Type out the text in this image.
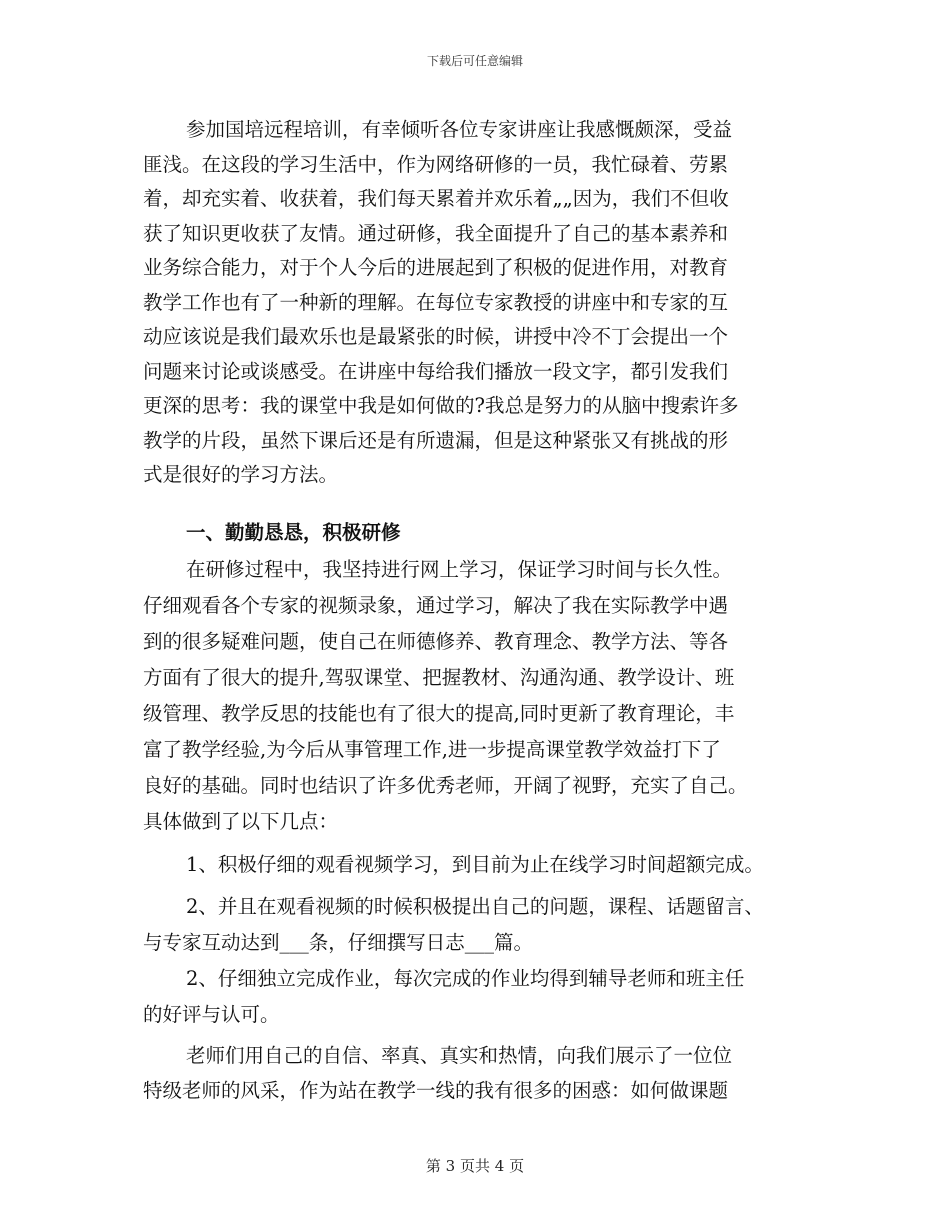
下载后可任意编辑
参加国培远程培训，有幸倾听各位专家讲座让我感慨颇深，受益
匪浅。在这段的学习生活中，作为网络研修的一员，我忙碌着、劳累
着，却充实着、收获着，我们每天累着并欢乐着„„因为，我们不但收
获了知识更收获了友情。通过研修，我全面提升了自己的基本素养和
业务综合能力，对于个人今后的进展起到了积极的促进作用，对教育
教学工作也有了一种新的理解。在每位专家教授的讲座中和专家的互
动应该说是我们最欢乐也是最紧张的时候，讲授中冷不丁会提出一个
问题来讨论或谈感受。在讲座中每给我们播放一段文字，都引发我们
更深的思考：我的课堂中我是如何做的?我总是努力的从脑中搜索许多
教学的片段，虽然下课后还是有所遗漏，但是这种紧张又有挑战的形
式是很好的学习方法。
一、勤勤恳恳，积极研修
在研修过程中，我坚持进行网上学习，保证学习时间与长久性。
仔细观看各个专家的视频录象，通过学习，解决了我在实际教学中遇
到的很多疑难问题，使自己在师德修养、教育理念、教学方法、等各
方面有了很大的提升,驾驭课堂、把握教材、沟通沟通、教学设计、班
级管理、教学反思的技能也有了很大的提高,同时更新了教育理论，丰
富了教学经验,为今后从事管理工作,进一步提高课堂教学效益打下了
良好的基础。同时也结识了许多优秀老师，开阔了视野，充实了自己。
具体做到了以下几点：
1、积极仔细的观看视频学习，到目前为止在线学习时间超额完成。
2、并且在观看视频的时候积极提出自己的问题，课程、话题留言、
与专家互动达到___条，仔细撰写日志___篇。
2、仔细独立完成作业，每次完成的作业均得到辅导老师和班主任
的好评与认可。
老师们用自己的自信、率真、真实和热情，向我们展示了一位位
特级老师的风采，作为站在教学一线的我有很多的困惑：如何做课题
第 3 页共 4 页
